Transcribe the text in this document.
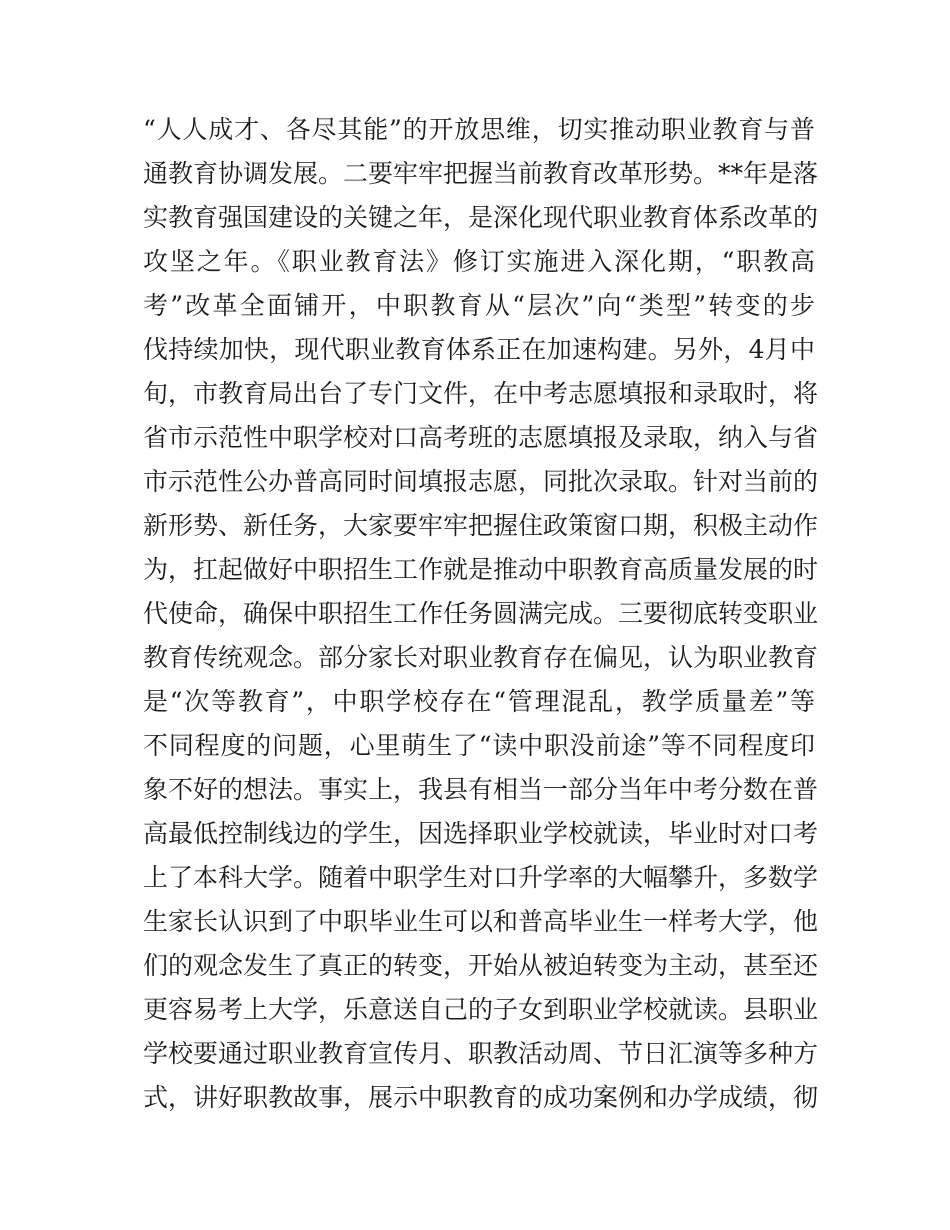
“人人成才、各尽其能”的开放思维，切实推动职业教育与普
通教育协调发展。二要牢牢把握当前教育改革形势。**年是落
实教育强国建设的关键之年，是深化现代职业教育体系改革的
攻坚之年。《职业教育法》修订实施进入深化期，“职教高
考”改革全面铺开，中职教育从“层次”向“类型”转变的步
伐持续加快，现代职业教育体系正在加速构建。另外，4月中
旬，市教育局出台了专门文件，在中考志愿填报和录取时，将
省市示范性中职学校对口高考班的志愿填报及录取，纳入与省
市示范性公办普高同时间填报志愿，同批次录取。针对当前的
新形势、新任务，大家要牢牢把握住政策窗口期，积极主动作
为，扛起做好中职招生工作就是推动中职教育高质量发展的时
代使命，确保中职招生工作任务圆满完成。三要彻底转变职业
教育传统观念。部分家长对职业教育存在偏见，认为职业教育
是“次等教育”，中职学校存在“管理混乱，教学质量差”等
不同程度的问题，心里萌生了“读中职没前途”等不同程度印
象不好的想法。事实上，我县有相当一部分当年中考分数在普
高最低控制线边的学生，因选择职业学校就读，毕业时对口考
上了本科大学。随着中职学生对口升学率的大幅攀升，多数学
生家长认识到了中职毕业生可以和普高毕业生一样考大学，他
们的观念发生了真正的转变，开始从被迫转变为主动，甚至还
更容易考上大学，乐意送自己的子女到职业学校就读。县职业
学校要通过职业教育宣传月、职教活动周、节日汇演等多种方
式，讲好职教故事，展示中职教育的成功案例和办学成绩，彻
